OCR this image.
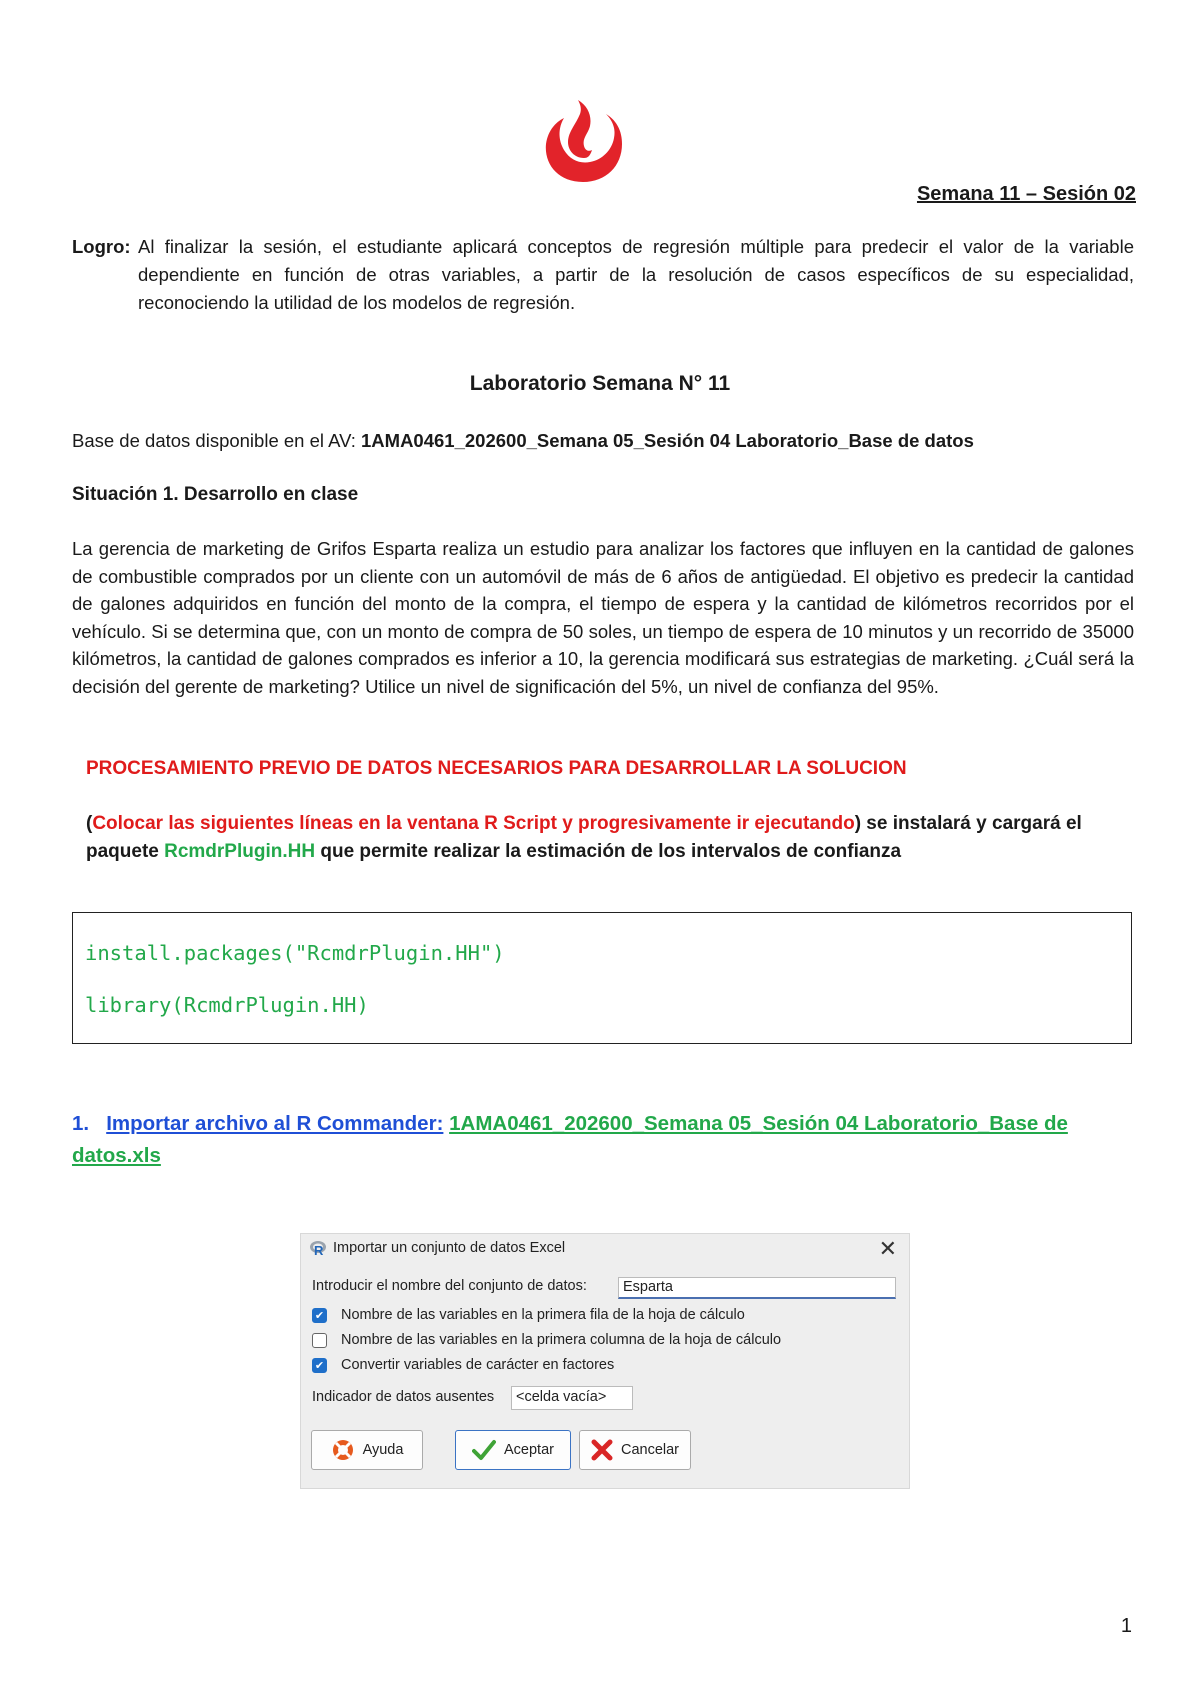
Semana 11 – Sesión 02
Logro: Al finalizar la sesión, el estudiante aplicará conceptos de regresión múltiple para predecir el valor de la variable dependiente en función de otras variables, a partir de la resolución de casos específicos de su especialidad, reconociendo la utilidad de los modelos de regresión.
Laboratorio Semana N° 11
Base de datos disponible en el AV: 1AMA0461_202600_Semana 05_Sesión 04 Laboratorio_Base de datos
Situación 1. Desarrollo en clase
La gerencia de marketing de Grifos Esparta realiza un estudio para analizar los factores que influyen en la cantidad de galones de combustible comprados por un cliente con un automóvil de más de 6 años de antigüedad. El objetivo es predecir la cantidad de galones adquiridos en función del monto de la compra, el tiempo de espera y la cantidad de kilómetros recorridos por el vehículo. Si se determina que, con un monto de compra de 50 soles, un tiempo de espera de 10 minutos y un recorrido de 35000 kilómetros, la cantidad de galones comprados es inferior a 10, la gerencia modificará sus estrategias de marketing. ¿Cuál será la decisión del gerente de marketing? Utilice un nivel de significación del 5%, un nivel de confianza del 95%.
PROCESAMIENTO PREVIO DE DATOS NECESARIOS PARA DESARROLLAR LA SOLUCION
(Colocar las siguientes líneas en la ventana R Script y progresivamente ir ejecutando) se instalará y cargará el paquete RcmdrPlugin.HH que permite realizar la estimación de los intervalos de confianza
install.packages("RcmdrPlugin.HH")
library(RcmdrPlugin.HH)
1. Importar archivo al R Commander: 1AMA0461_202600_Semana 05_Sesión 04 Laboratorio_Base de datos.xls
R Importar un conjunto de datos Excel	✕
Introducir el nombre del conjunto de datos:	Esparta
✔ Nombre de las variables en la primera fila de la hoja de cálculo
Nombre de las variables en la primera columna de la hoja de cálculo
✔ Convertir variables de carácter en factores
Indicador de datos ausentes	<celda vacía>
Ayuda	Aceptar	Cancelar
1
